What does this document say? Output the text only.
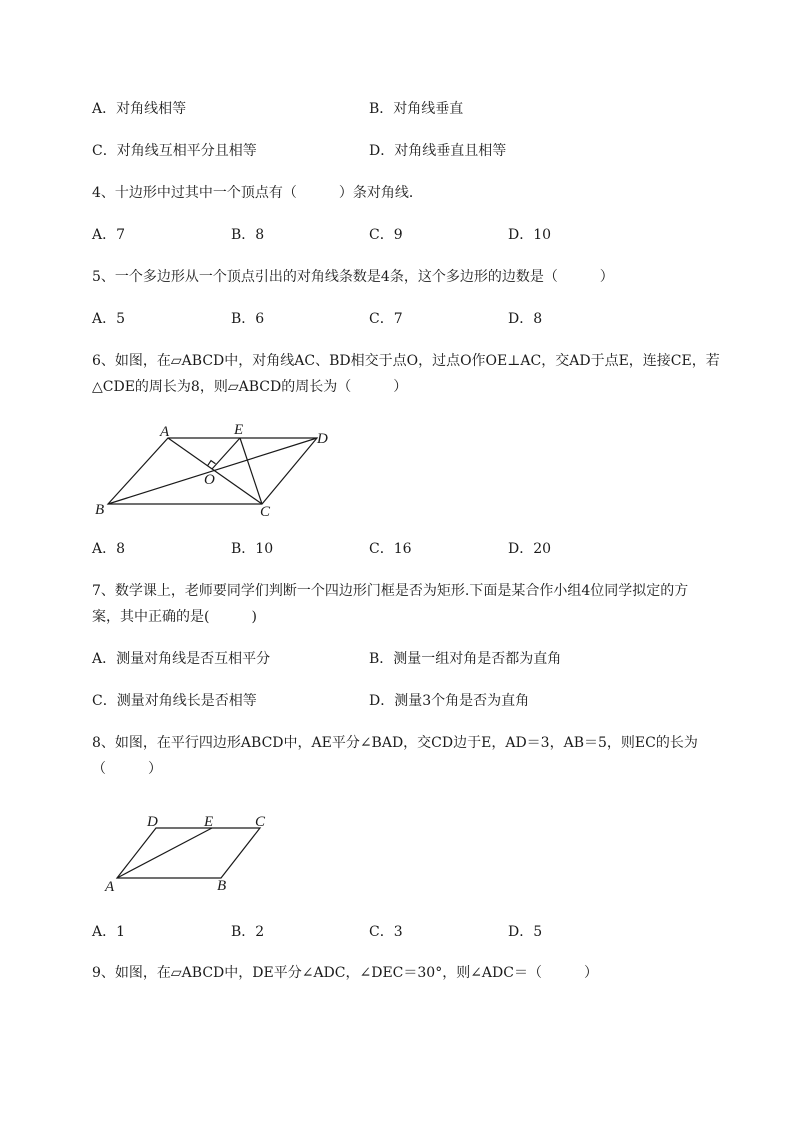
A．对角线相等	B．对角线垂直
C．对角线互相平分且相等	D．对角线垂直且相等
4、十边形中过其中一个顶点有（　　　）条对角线．
A．7	B．8	C．9	D．10
5、一个多边形从一个顶点引出的对角线条数是4条，这个多边形的边数是（　　　）
A．5	B．6	C．7	D．8
6、如图，在▱ABCD中，对角线AC、BD相交于点O，过点O作OE⊥AC，交AD于点E，连接CE，若
△CDE的周长为8，则▱ABCD的周长为（　　　）
A	E
D
O
B	C
A．8	B．10	C．16	D．20
7、数学课上，老师要同学们判断一个四边形门框是否为矩形.下面是某合作小组4位同学拟定的方
案，其中正确的是(　　　)
A．测量对角线是否互相平分	B．测量一组对角是否都为直角
C．测量对角线长是否相等	D．测量3个角是否为直角
8、如图，在平行四边形ABCD中，AE平分∠BAD，交CD边于E，AD＝3，AB＝5，则EC的长为
（　　　）
D	E	C
A	B
A．1	B．2	C．3	D．5
9、如图，在▱ABCD中，DE平分∠ADC，∠DEC＝30°，则∠ADC＝（　　　）
